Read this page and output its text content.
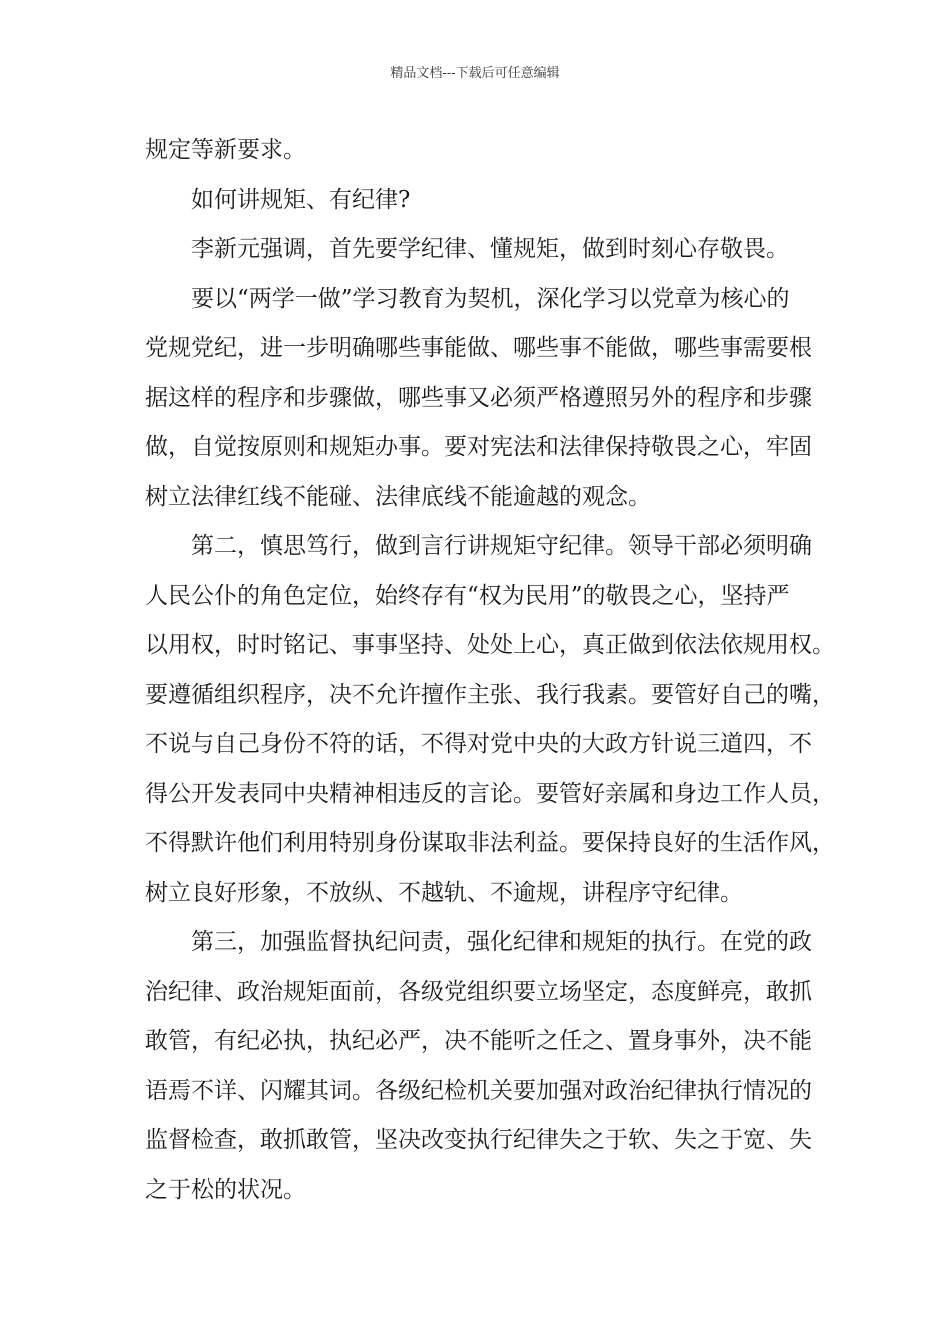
精品文档---下载后可任意编辑
规定等新要求。
如何讲规矩、有纪律?
李新元强调，首先要学纪律、懂规矩，做到时刻心存敬畏。
要以“两学一做”学习教育为契机，深化学习以党章为核心的
党规党纪，进一步明确哪些事能做、哪些事不能做，哪些事需要根
据这样的程序和步骤做，哪些事又必须严格遵照另外的程序和步骤
做，自觉按原则和规矩办事。要对宪法和法律保持敬畏之心，牢固
树立法律红线不能碰、法律底线不能逾越的观念。
第二，慎思笃行，做到言行讲规矩守纪律。领导干部必须明确
人民公仆的角色定位，始终存有“权为民用”的敬畏之心，坚持严
以用权，时时铭记、事事坚持、处处上心，真正做到依法依规用权。
要遵循组织程序，决不允许擅作主张、我行我素。要管好自己的嘴，
不说与自己身份不符的话，不得对党中央的大政方针说三道四，不
得公开发表同中央精神相违反的言论。要管好亲属和身边工作人员，
不得默许他们利用特别身份谋取非法利益。要保持良好的生活作风，
树立良好形象，不放纵、不越轨、不逾规，讲程序守纪律。
第三，加强监督执纪问责，强化纪律和规矩的执行。在党的政
治纪律、政治规矩面前，各级党组织要立场坚定，态度鲜亮，敢抓
敢管，有纪必执，执纪必严，决不能听之任之、置身事外，决不能
语焉不详、闪耀其词。各级纪检机关要加强对政治纪律执行情况的
监督检查，敢抓敢管，坚决改变执行纪律失之于软、失之于宽、失
之于松的状况。
